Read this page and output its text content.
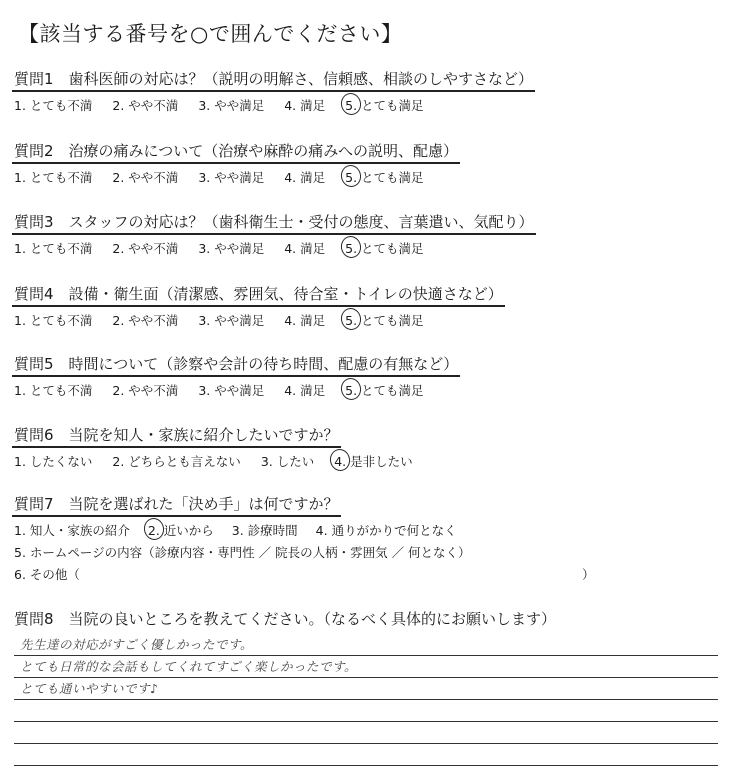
【該当する番号を○で囲んでください】
質問1　歯科医師の対応は？（説明の明解さ、信頼感、相談のしやすさなど）
1. とても不満 2. やや不満 3. やや満足 4. 満足 5. とても満足
質問2　治療の痛みについて（治療や麻酔の痛みへの説明、配慮）
1. とても不満 2. やや不満 3. やや満足 4. 満足 5. とても満足
質問3　スタッフの対応は？（歯科衛生士・受付の態度、言葉遣い、気配り）
1. とても不満 2. やや不満 3. やや満足 4. 満足 5. とても満足
質問4　設備・衛生面（清潔感、雰囲気、待合室・トイレの快適さなど）
1. とても不満 2. やや不満 3. やや満足 4. 満足 5. とても満足
質問5　時間について（診察や会計の待ち時間、配慮の有無など）
1. とても不満 2. やや不満 3. やや満足 4. 満足 5. とても満足
質問6　当院を知人・家族に紹介したいですか？
1. したくない 2. どちらとも言えない 3. したい 4. 是非したい
質問7　当院を選ばれた「決め手」は何ですか？
1. 知人・家族の紹介 2. 近いから 3. 診療時間 4. 通りがかりで何となく
5. ホームページの内容（診療内容・専門性 ／ 院長の人柄・雰囲気 ／ 何となく）
6. その他（	）
質問8　当院の良いところを教えてください。（なるべく具体的にお願いします）
先生達の対応がすごく優しかったです。
とても日常的な会話もしてくれてすごく楽しかったです。
とても通いやすいです♪
